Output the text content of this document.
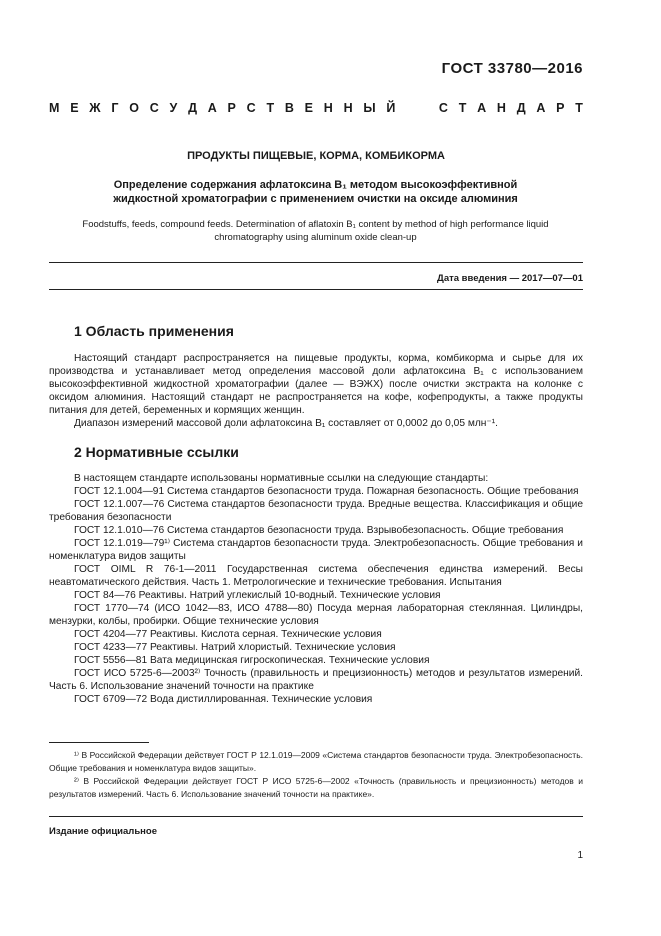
ГОСТ 33780—2016
М Е Ж Г О С У Д А Р С Т В Е Н Н Ы Й	С Т А Н Д А Р Т
ПРОДУКТЫ ПИЩЕВЫЕ, КОРМА, КОМБИКОРМА
Определение содержания афлатоксина B₁ методом высокоэффективной жидкостной хроматографии с применением очистки на оксиде алюминия
Foodstuffs, feeds, compound feeds. Determination of aflatoxin B₁ content by method of high performance liquid chromatography using aluminum oxide clean-up
Дата введения — 2017—07—01
1 Область применения

Настоящий стандарт распространяется на пищевые продукты, корма, комбикорма и сырье для их производства и устанавливает метод определения массовой доли афлатоксина B₁ с использованием высокоэффективной жидкостной хроматографии (далее — ВЭЖХ) после очистки экстракта на колонке с оксидом алюминия. Настоящий стандарт не распространяется на кофе, кофепродукты, а также продукты питания для детей, беременных и кормящих женщин.

Диапазон измерений массовой доли афлатоксина B₁ составляет от 0,0002 до 0,05 млн⁻¹.

2 Нормативные ссылки

В настоящем стандарте использованы нормативные ссылки на следующие стандарты:

ГОСТ 12.1.004—91 Система стандартов безопасности труда. Пожарная безопасность. Общие требования

ГОСТ 12.1.007—76 Система стандартов безопасности труда. Вредные вещества. Классификация и общие требования безопасности

ГОСТ 12.1.010—76 Система стандартов безопасности труда. Взрывобезопасность. Общие требования

ГОСТ 12.1.019—79¹⁾ Система стандартов безопасности труда. Электробезопасность. Общие требования и номенклатура видов защиты

ГОСТ OIML R 76-1—2011 Государственная система обеспечения единства измерений. Весы неавтоматического действия. Часть 1. Метрологические и технические требования. Испытания

ГОСТ 84—76 Реактивы. Натрий углекислый 10-водный. Технические условия

ГОСТ 1770—74 (ИСО 1042—83, ИСО 4788—80) Посуда мерная лабораторная стеклянная. Цилиндры, мензурки, колбы, пробирки. Общие технические условия

ГОСТ 4204—77 Реактивы. Кислота серная. Технические условия

ГОСТ 4233—77 Реактивы. Натрий хлористый. Технические условия

ГОСТ 5556—81 Вата медицинская гигроскопическая. Технические условия

ГОСТ ИСО 5725-6—2003²⁾ Точность (правильность и прецизионность) методов и результатов измерений. Часть 6. Использование значений точности на практике

ГОСТ 6709—72 Вода дистиллированная. Технические условия

¹⁾ В Российской Федерации действует ГОСТ Р 12.1.019—2009 «Система стандартов безопасности труда. Электробезопасность. Общие требования и номенклатура видов защиты».

²⁾ В Российской Федерации действует ГОСТ Р ИСО 5725-6—2002 «Точность (правильность и прецизионность) методов и результатов измерений. Часть 6. Использование значений точности на практике».

Издание официальное
1
